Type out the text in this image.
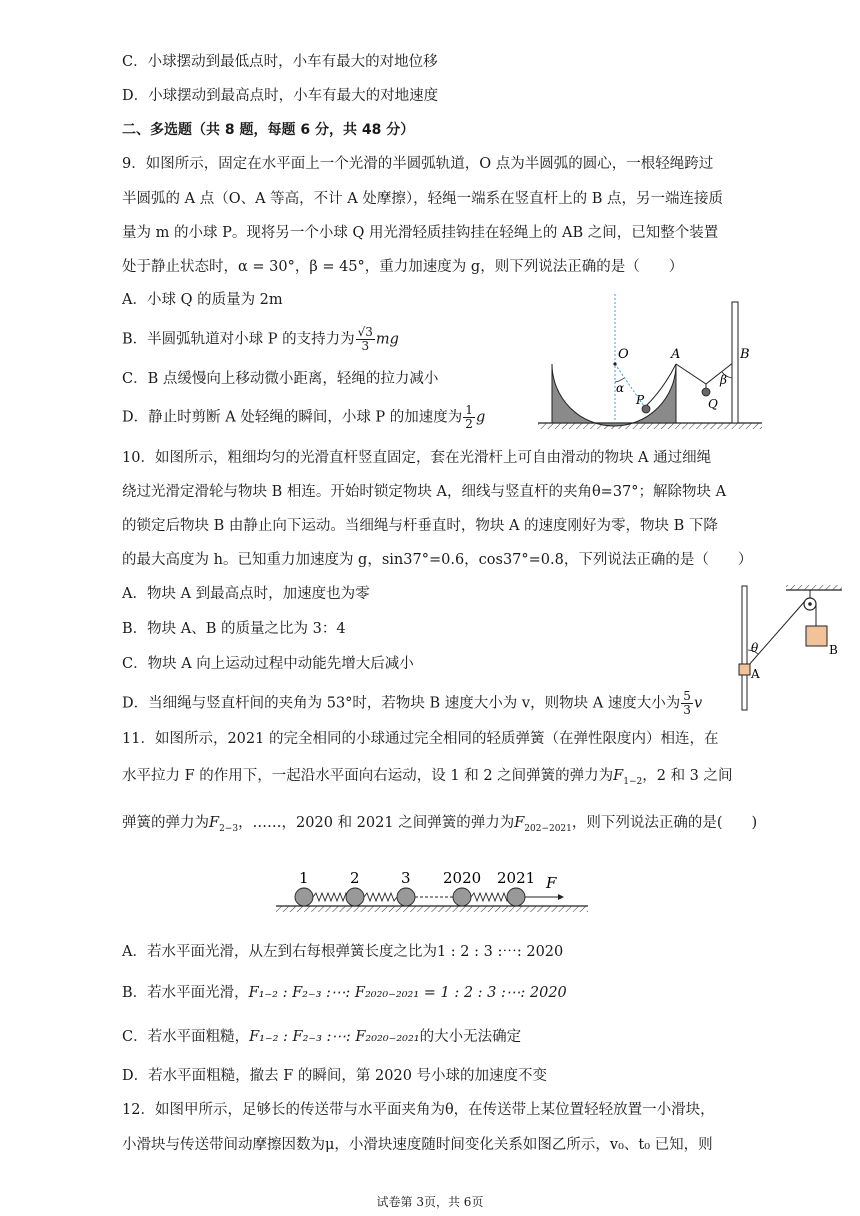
C．小球摆动到最低点时，小车有最大的对地位移
D．小球摆动到最高点时，小车有最大的对地速度
二、多选题（共 8 题，每题 6 分，共 48 分）
9．如图所示，固定在水平面上一个光滑的半圆弧轨道，O 点为半圆弧的圆心，一根轻绳跨过
半圆弧的 A 点（O、A 等高，不计 A 处摩擦），轻绳一端系在竖直杆上的 B 点，另一端连接质
量为 m 的小球 P。现将另一个小球 Q 用光滑轻质挂钩挂在轻绳上的 AB 之间，已知整个装置
处于静止状态时，α = 30°，β = 45°，重力加速度为 g，则下列说法正确的是（　　）
A．小球 Q 的质量为 2m
B．半圆弧轨道对小球 P 的支持力为 $\frac{√3}{3}$ mg
C．B 点缓慢向上移动微小距离，轻绳的拉力减小
D．静止时剪断 A 处轻绳的瞬间，小球 P 的加速度为 $\frac{1}{2}$ g
O	A	B
P	Q
α
β
10．如图所示，粗细均匀的光滑直杆竖直固定，套在光滑杆上可自由滑动的物块 A 通过细绳
绕过光滑定滑轮与物块 B 相连。开始时锁定物块 A，细线与竖直杆的夹角θ=37°；解除物块 A
的锁定后物块 B 由静止向下运动。当细绳与杆垂直时，物块 A 的速度刚好为零，物块 B 下降
的最大高度为 h。已知重力加速度为 g，sin37°=0.6，cos37°=0.8，下列说法正确的是（　　）
A．物块 A 到最高点时，加速度也为零
B．物块 A、B 的质量之比为 3：4
C．物块 A 向上运动过程中动能先增大后减小
D．当细绳与竖直杆间的夹角为 53°时，若物块 B 速度大小为 v，则物块 A 速度大小为 $\frac{5}{3}$ v
θ
A
B
11．如图所示，2021 的完全相同的小球通过完全相同的轻质弹簧（在弹性限度内）相连，在
水平拉力 F 的作用下，一起沿水平面向右运动，设 1 和 2 之间弹簧的弹力为$F_{1-2}$，2 和 3 之间
弹簧的弹力为$F_{2-3}$，……，2020 和 2021 之间弹簧的弹力为$F_{202-2021}$，则下列说法正确的是(　　)
1	2	3 2020 2021 F
A．若水平面光滑，从左到右每根弹簧长度之比为1 : 2 : 3 :⋯: 2020
B．若水平面光滑，F₁₋₂ : F₂₋₃ :⋯: F₂₀₂₀₋₂₀₂₁ = 1 : 2 : 3 :⋯: 2020
C．若水平面粗糙，F₁₋₂ : F₂₋₃ :⋯: F₂₀₂₀₋₂₀₂₁的大小无法确定
D．若水平面粗糙，撤去 F 的瞬间，第 2020 号小球的加速度不变
12．如图甲所示，足够长的传送带与水平面夹角为θ，在传送带上某位置轻轻放置一小滑块，
小滑块与传送带间动摩擦因数为μ，小滑块速度随时间变化关系如图乙所示，v₀、t₀ 已知，则
试卷第 3页，共 6页
